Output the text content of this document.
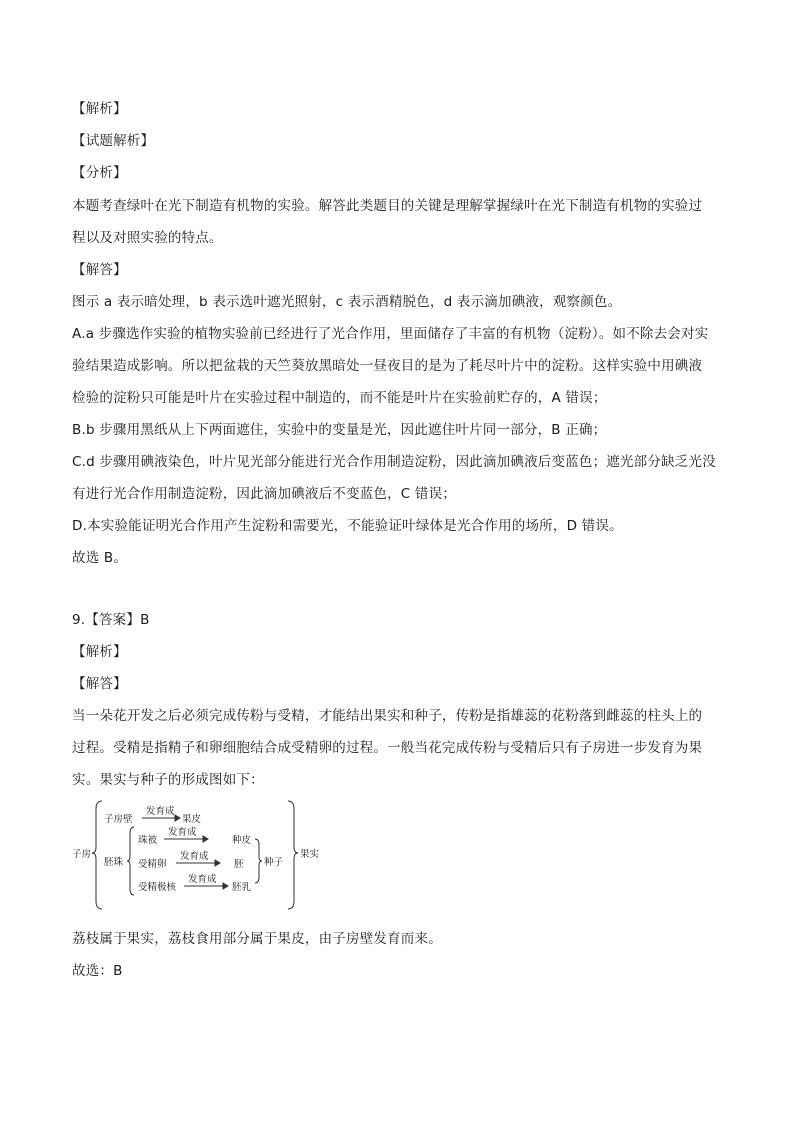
【解析】
【试题解析】
【分析】
本题考查绿叶在光下制造有机物的实验。解答此类题目的关键是理解掌握绿叶在光下制造有机物的实验过
程以及对照实验的特点。
【解答】
图示 a 表示暗处理，b 表示选叶遮光照射，c 表示酒精脱色，d 表示滴加碘液，观察颜色。
A.a 步骤选作实验的植物实验前已经进行了光合作用，里面储存了丰富的有机物（淀粉）。如不除去会对实
验结果造成影响。所以把盆栽的天竺葵放黑暗处一昼夜目的是为了耗尽叶片中的淀粉。这样实验中用碘液
检验的淀粉只可能是叶片在实验过程中制造的，而不能是叶片在实验前贮存的，A 错误；
B.b 步骤用黑纸从上下两面遮住，实验中的变量是光，因此遮住叶片同一部分，B 正确；
C.d 步骤用碘液染色，叶片见光部分能进行光合作用制造淀粉，因此滴加碘液后变蓝色；遮光部分缺乏光没
有进行光合作用制造淀粉，因此滴加碘液后不变蓝色，C 错误；
D.本实验能证明光合作用产生淀粉和需要光，不能验证叶绿体是光合作用的场所，D 错误。
故选 B。
9.【答案】B
【解析】
【解答】
当一朵花开发之后必须完成传粉与受精，才能结出果实和种子，传粉是指雄蕊的花粉落到雌蕊的柱头上的
过程。受精是指精子和卵细胞结合成受精卵的过程。一般当花完成传粉与受精后只有子房进一步发育为果
实。果实与种子的形成图如下：
子房
子房壁
发育成
果皮
胚珠
珠被
发育成
受精卵
发育成
受精极核
发育成
种皮
胚
胚乳
种子
果实
荔枝属于果实，荔枝食用部分属于果皮，由子房壁发育而来。
故选：B
